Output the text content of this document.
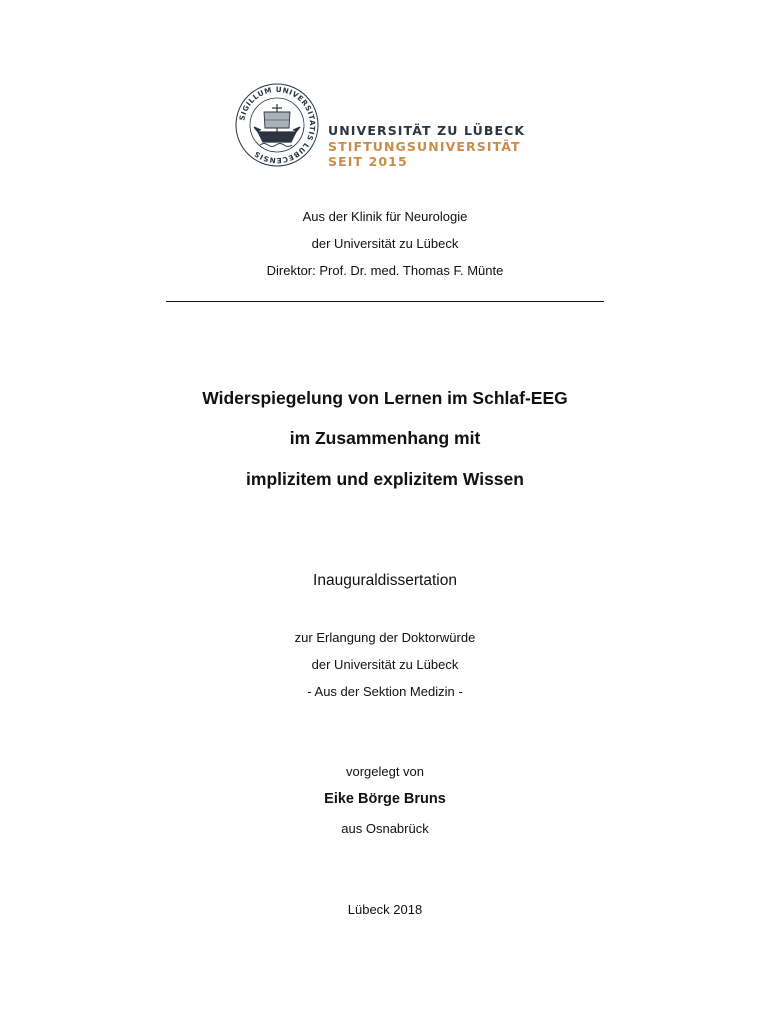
SIGILLUM UNIVERSITATIS LUBECENSIS
UNIVERSITÄT ZU LÜBECK
STIFTUNGSUNIVERSITÄT
SEIT 2015
Aus der Klinik für Neurologie
der Universität zu Lübeck
Direktor: Prof. Dr. med. Thomas F. Münte
Widerspiegelung von Lernen im Schlaf-EEG
im Zusammenhang mit
implizitem und explizitem Wissen
Inauguraldissertation
zur Erlangung der Doktorwürde
der Universität zu Lübeck
- Aus der Sektion Medizin -
vorgelegt von
Eike Börge Bruns
aus Osnabrück
Lübeck 2018
